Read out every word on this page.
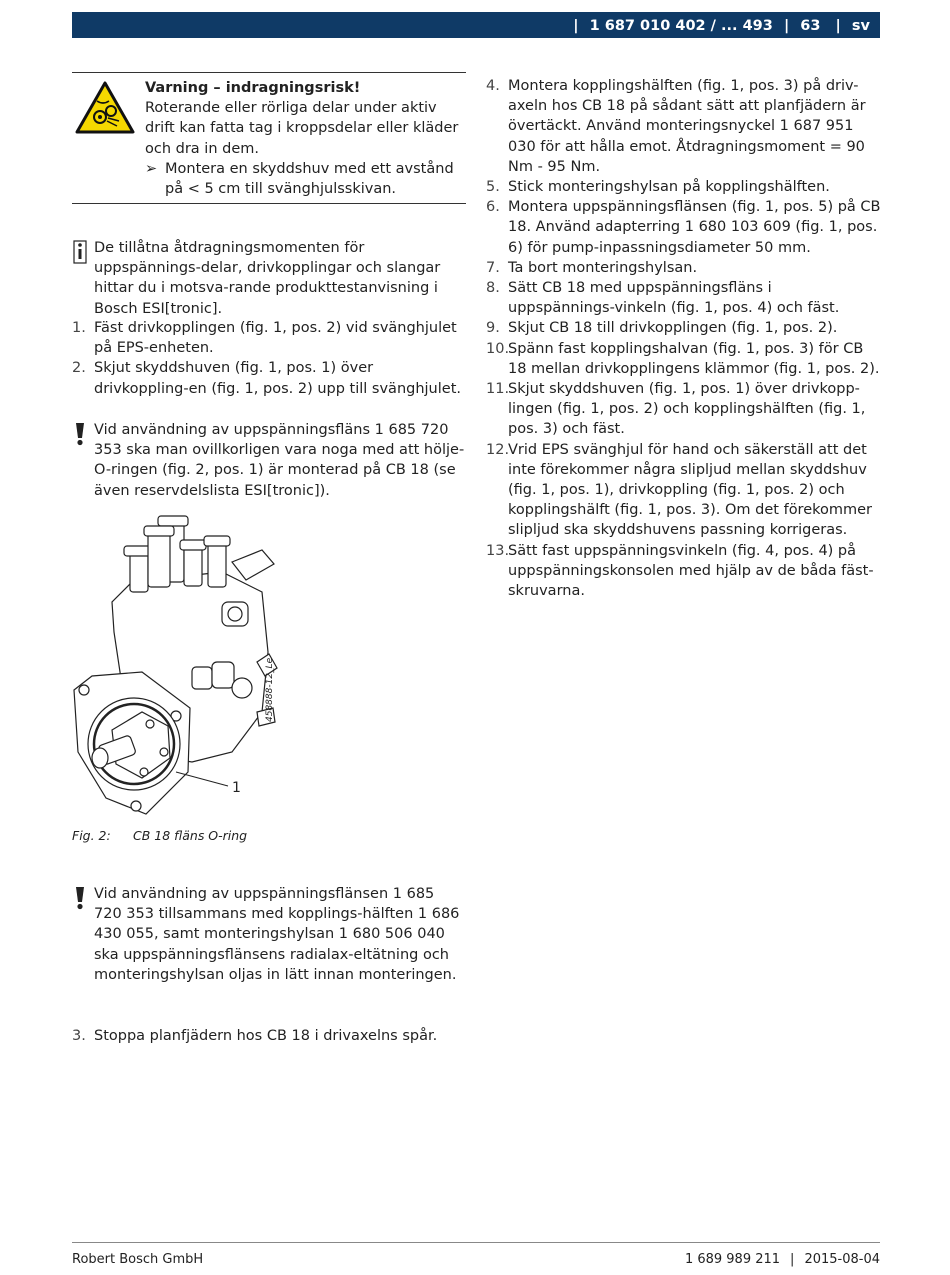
| 1 687 010 402 / ... 493 | 63 | sv
Varning – indragningsrisk!
Roterande eller rörliga delar under aktiv drift kan fatta tag i kroppsdelar eller kläder och dra in dem.
➢ Montera en skyddshuv med ett avstånd på < 5 cm till svänghjulsskivan.
De tillåtna åtdragningsmomenten för uppspännings-delar, drivkopplingar och slangar hittar du i motsva-rande produkttestanvisning i Bosch ESI[tronic].
1. Fäst drivkopplingen (fig. 1, pos. 2) vid svänghjulet på EPS-enheten.
2. Skjut skyddshuven (fig. 1, pos. 1) över drivkoppling-en (fig. 1, pos. 2) upp till svänghjulet.
Vid användning av uppspänningsfläns 1 685 720 353 ska man ovillkorligen vara noga med att hölje-O-ringen (fig. 2, pos. 1) är monterad på CB 18 (se även reservdelslista ESI[tronic]).
1
458888-12_Le
Fig. 2: CB 18 fläns O-ring
Vid användning av uppspänningsflänsen 1 685 720 353 tillsammans med kopplings-hälften 1 686 430 055, samt monteringshylsan 1 680 506 040 ska uppspänningsflänsens radialax-eltätning och monteringshylsan oljas in lätt innan monteringen.
3. Stoppa planfjädern hos CB 18 i drivaxelns spår.
4. Montera kopplingshälften (fig. 1, pos. 3) på driv-axeln hos CB 18 på sådant sätt att planfjädern är övertäckt. Använd monteringsnyckel 1 687 951 030 för att hålla emot. Åtdragningsmoment = 90 Nm - 95 Nm.
5. Stick monteringshylsan på kopplingshälften.
6. Montera uppspänningsflänsen (fig. 1, pos. 5) på CB 18. Använd adapterring 1 680 103 609 (fig. 1, pos. 6) för pump-inpassningsdiameter 50 mm.
7. Ta bort monteringshylsan.
8. Sätt CB 18 med uppspänningsfläns i uppspännings-vinkeln (fig. 1, pos. 4) och fäst.
9. Skjut CB 18 till drivkopplingen (fig. 1, pos. 2).
10.
Spänn fast kopplingshalvan (fig. 1, pos. 3) för CB 18 mellan drivkopplingens klämmor (fig. 1, pos. 2).
11.
Skjut skyddshuven (fig. 1, pos. 1) över drivkopp-lingen (fig. 1, pos. 2) och kopplingshälften (fig. 1, pos. 3) och fäst.
12.
Vrid EPS svänghjul för hand och säkerställ att det inte förekommer några slipljud mellan skyddshuv (fig. 1, pos. 1), drivkoppling (fig. 1, pos. 2) och kopplingshälft (fig. 1, pos. 3). Om det förekommer slipljud ska skyddshuvens passning korrigeras.
13.
Sätt fast uppspänningsvinkeln (fig. 4, pos. 4) på uppspänningskonsolen med hjälp av de båda fäst-skruvarna.
Robert Bosch GmbH	1 689 989 211 | 2015-08-04
